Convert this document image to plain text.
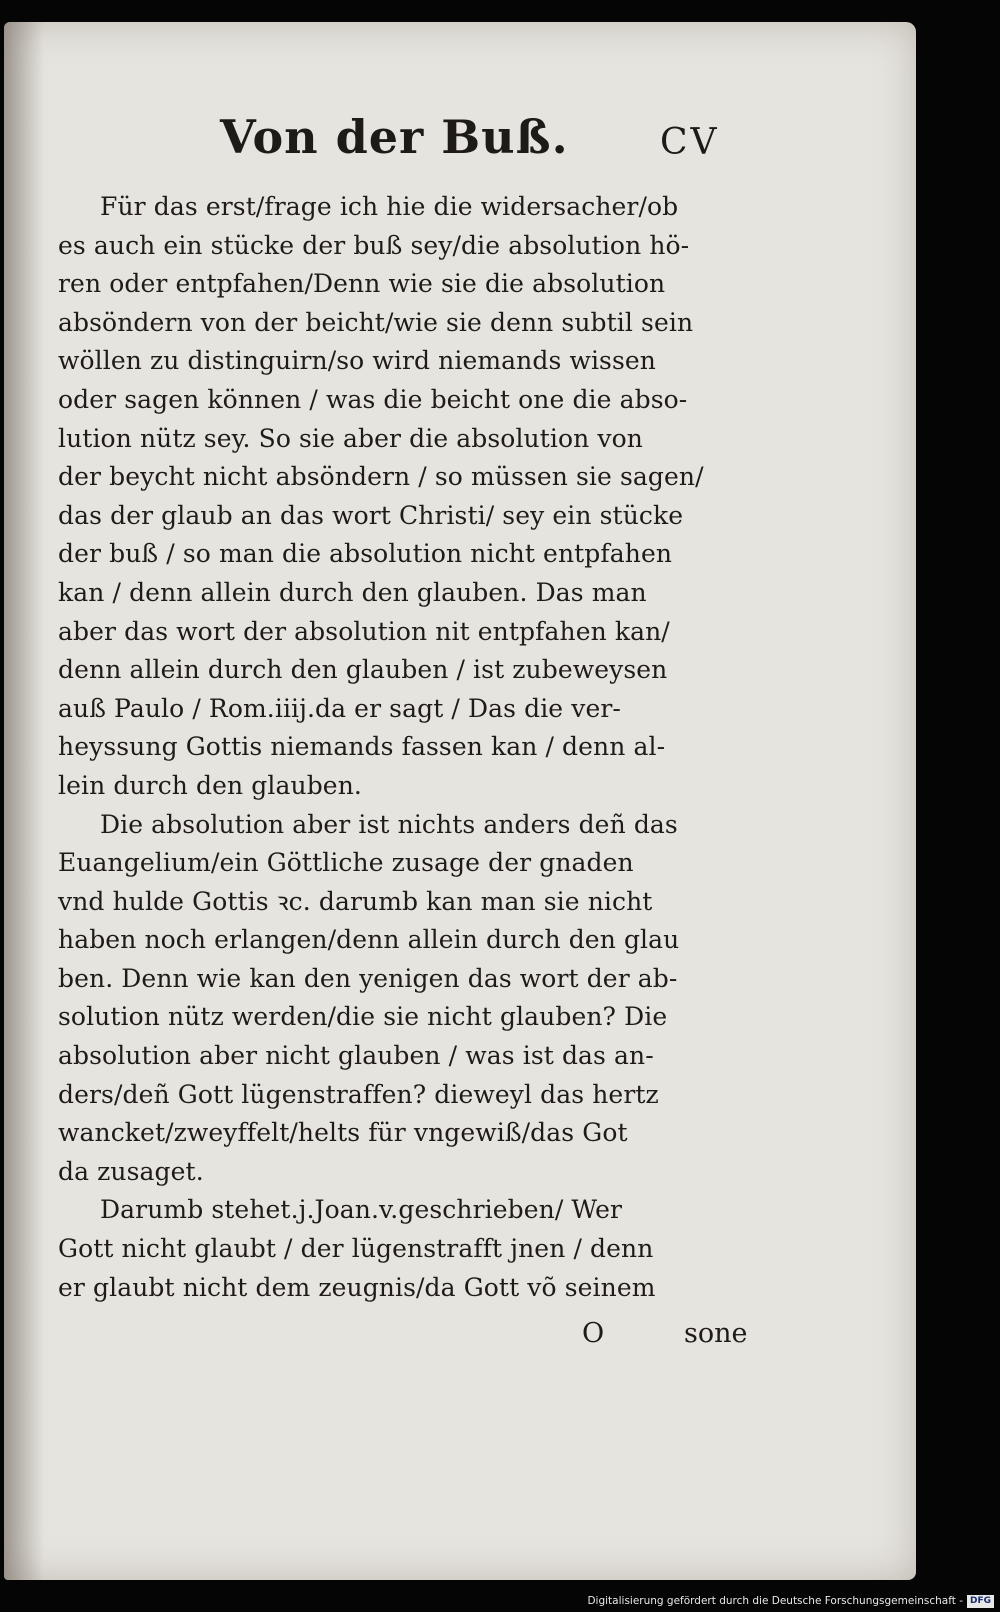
Von der Buß.	CV

Für das erst/frage ich hie die widersacher/ob
es auch ein stücke der buß sey/die absolution hö-
ren oder entpfahen/Denn wie sie die absolution
absöndern von der beicht/wie sie denn subtil sein
wöllen zu distinguirn/so wird niemands wissen
oder sagen können / was die beicht one die abso-
lution nütz sey. So sie aber die absolution von
der beycht nicht absöndern / so müssen sie sagen/
das der glaub an das wort Christi/ sey ein stücke
der buß / so man die absolution nicht entpfahen
kan / denn allein durch den glauben. Das man
aber das wort der absolution nit entpfahen kan/
denn allein durch den glauben / ist zubeweysen
auß Paulo / Rom.iiij.da er sagt / Das die ver-
heyssung Gottis niemands fassen kan / denn al-
lein durch den glauben.

Die absolution aber ist nichts anders deñ das
Euangelium/ein Göttliche zusage der gnaden
vnd hulde Gottis ꝛc. darumb kan man sie nicht
haben noch erlangen/denn allein durch den glau
ben. Denn wie kan den yenigen das wort der ab-
solution nütz werden/die sie nicht glauben? Die
absolution aber nicht glauben / was ist das an-
ders/deñ Gott lügenstraffen? dieweyl das hertz
wancket/zweyffelt/helts für vngewiß/das Got
da zusaget.

Darumb stehet.j.Joan.v.geschrieben/ Wer
Gott nicht glaubt / der lügenstrafft jnen / denn
er glaubt nicht dem zeugnis/da Gott võ seinem

O	sone
Digitalisierung gefördert durch die Deutsche Forschungsgemeinschaft - DFG
